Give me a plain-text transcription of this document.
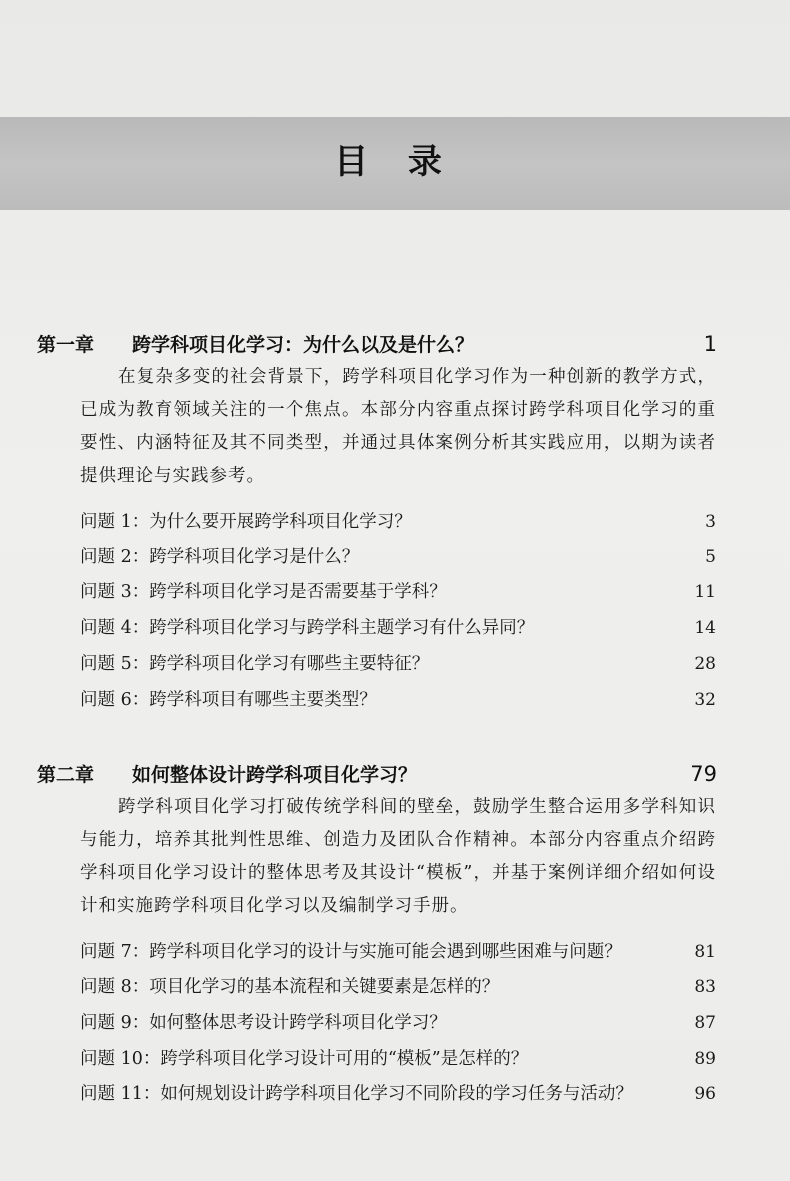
目 录
第一章	跨学科项目化学习：为什么以及是什么？	1
在复杂多变的社会背景下，跨学科项目化学习作为一种创新的教学方式，已成为教育领域关注的一个焦点。本部分内容重点探讨跨学科项目化学习的重要性、内涵特征及其不同类型，并通过具体案例分析其实践应用，以期为读者提供理论与实践参考。
问题 1：为什么要开展跨学科项目化学习？	3
问题 2：跨学科项目化学习是什么？	5
问题 3：跨学科项目化学习是否需要基于学科？	11
问题 4：跨学科项目化学习与跨学科主题学习有什么异同？	14
问题 5：跨学科项目化学习有哪些主要特征？	28
问题 6：跨学科项目有哪些主要类型？	32
第二章	如何整体设计跨学科项目化学习？	79
跨学科项目化学习打破传统学科间的壁垒，鼓励学生整合运用多学科知识与能力，培养其批判性思维、创造力及团队合作精神。本部分内容重点介绍跨学科项目化学习设计的整体思考及其设计“模板”，并基于案例详细介绍如何设计和实施跨学科项目化学习以及编制学习手册。
问题 7：跨学科项目化学习的设计与实施可能会遇到哪些困难与问题？	81
问题 8：项目化学习的基本流程和关键要素是怎样的？	83
问题 9：如何整体思考设计跨学科项目化学习？	87
问题 10：跨学科项目化学习设计可用的“模板”是怎样的？	89
问题 11：如何规划设计跨学科项目化学习不同阶段的学习任务与活动？	96
